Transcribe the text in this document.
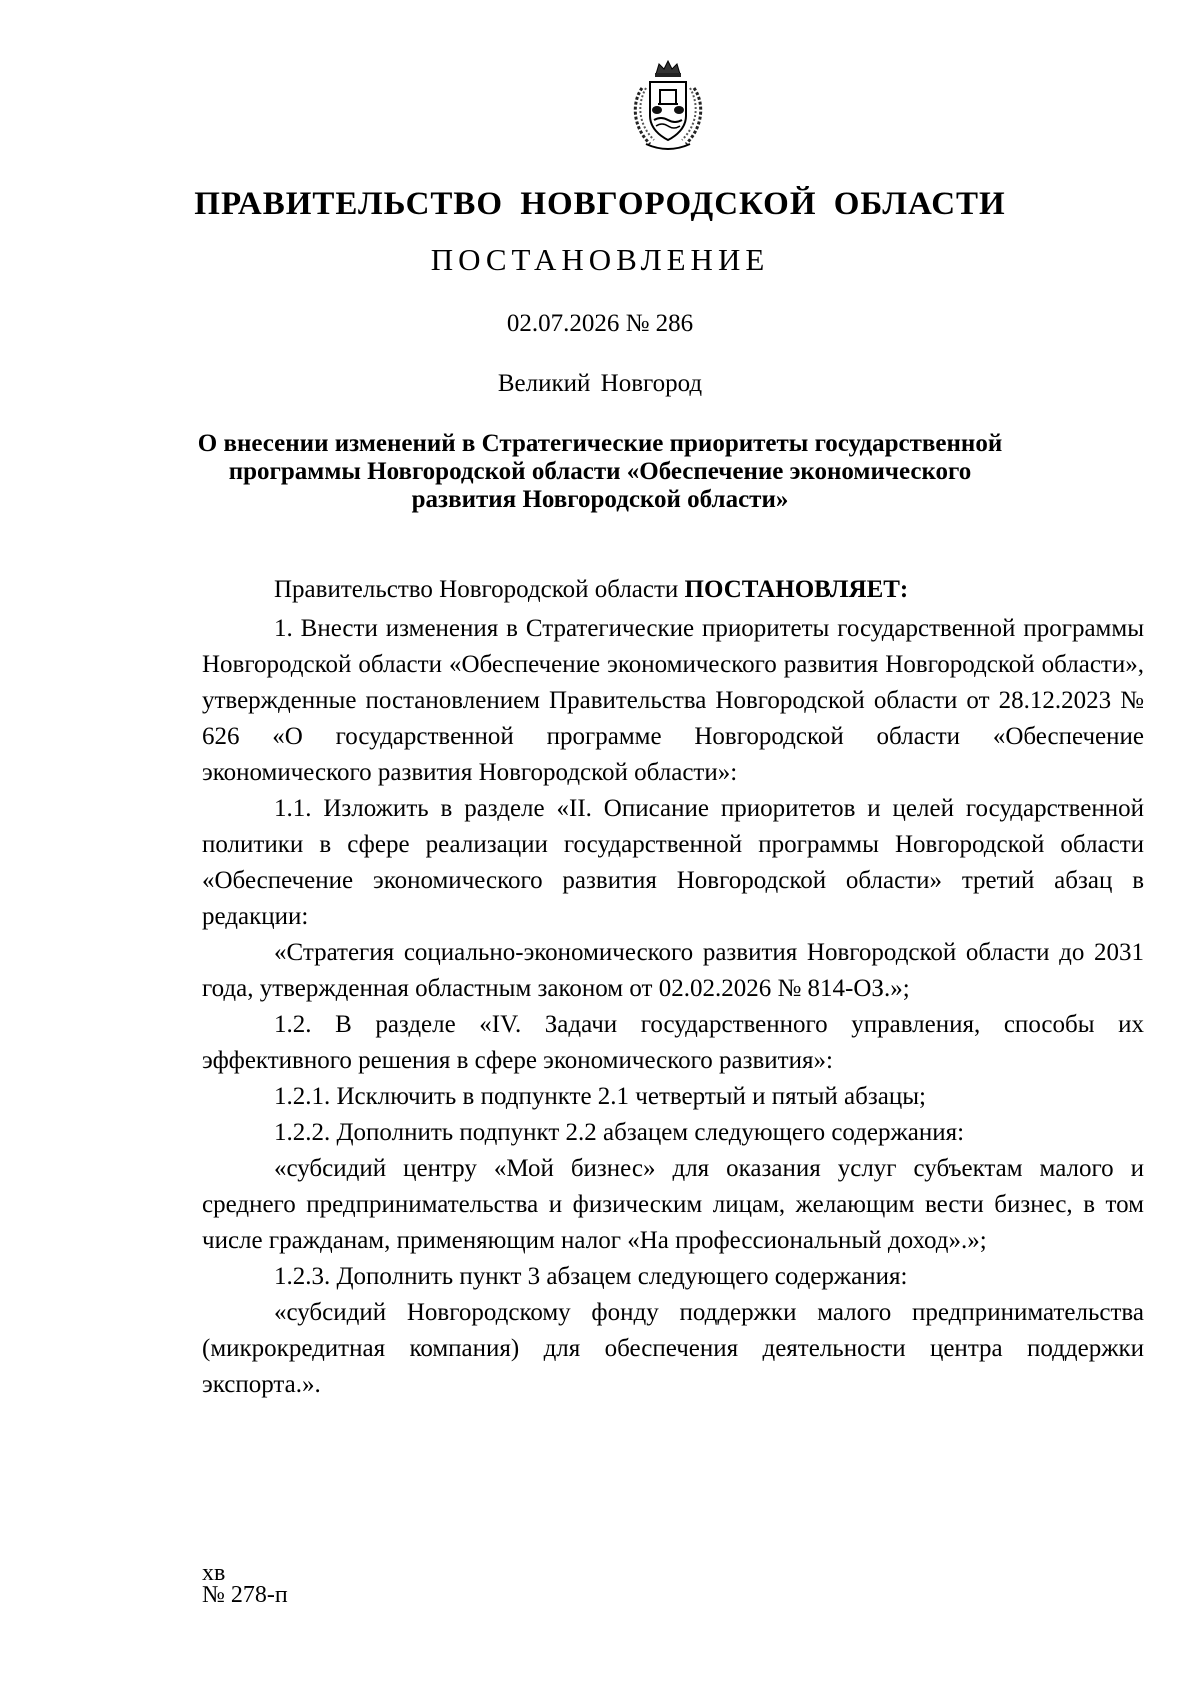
ПРАВИТЕЛЬСТВО НОВГОРОДСКОЙ ОБЛАСТИ
ПОСТАНОВЛЕНИЕ
02.07.2026 № 286
Великий Новгород
О внесении изменений в Стратегические приоритеты государственной
программы Новгородской области «Обеспечение экономического
развития Новгородской области»

Правительство Новгородской области ПОСТАНОВЛЯЕТ:

1. Внести изменения в Стратегические приоритеты государственной программы Новгородской области «Обеспечение экономического развития Новгородской области», утвержденные постановлением Правительства Новгородской области от 28.12.2023 № 626 «О государственной программе Новгородской области «Обеспечение экономического развития Новгородской области»:

1.1. Изложить в разделе «II. Описание приоритетов и целей государственной политики в сфере реализации государственной программы Новгородской области «Обеспечение экономического развития Новгородской области» третий абзац в редакции:

«Стратегия социально-экономического развития Новгородской области до 2031 года, утвержденная областным законом от 02.02.2026 № 814-ОЗ.»;

1.2. В разделе «IV. Задачи государственного управления, способы их эффективного решения в сфере экономического развития»:

1.2.1. Исключить в подпункте 2.1 четвертый и пятый абзацы;

1.2.2. Дополнить подпункт 2.2 абзацем следующего содержания:

«субсидий центру «Мой бизнес» для оказания услуг субъектам малого и среднего предпринимательства и физическим лицам, желающим вести бизнес, в том числе гражданам, применяющим налог «На профессиональный доход».»;

1.2.3. Дополнить пункт 3 абзацем следующего содержания:

«субсидий Новгородскому фонду поддержки малого предпринимательства (микрокредитная компания) для обеспечения деятельности центра поддержки экспорта.».

хв
№ 278-п
